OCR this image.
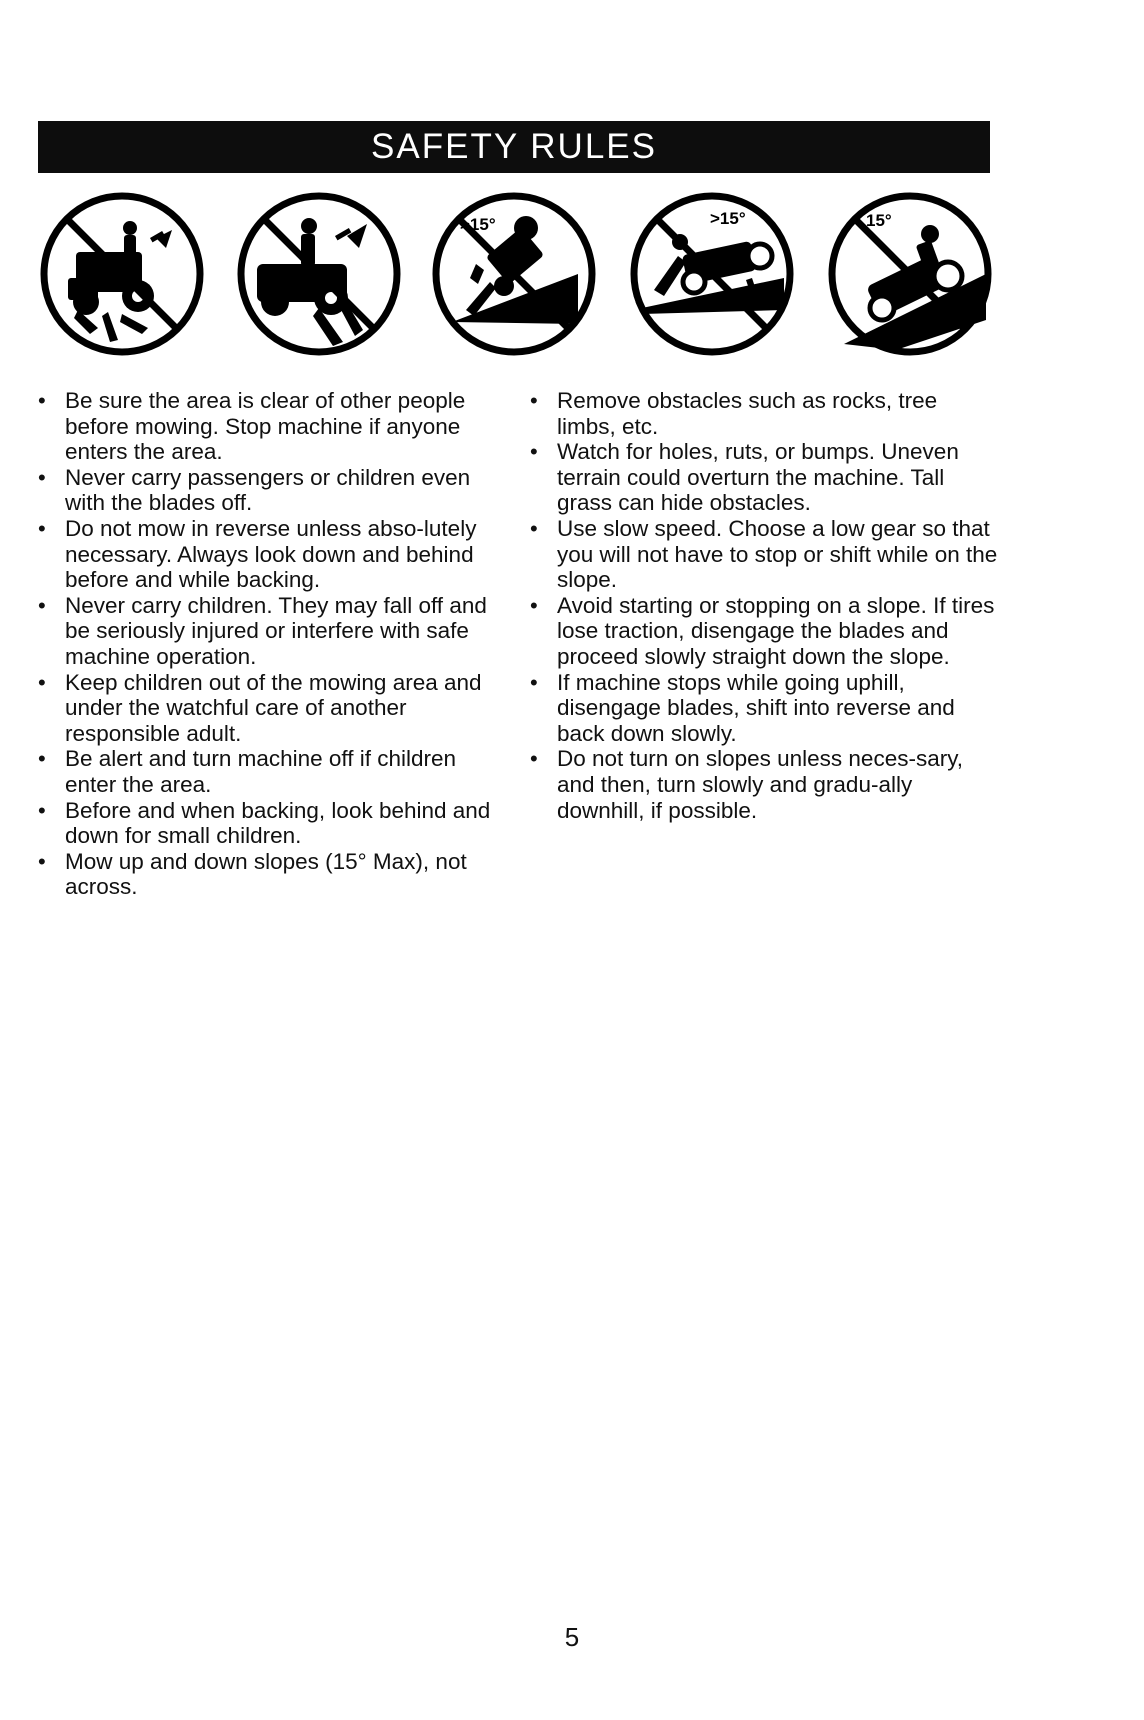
SAFETY RULES
>15°	>15°	15°
• Be sure the area is clear of other people before mowing. Stop machine if anyone enters the area.
• Never carry passengers or children even with the blades off.
• Do not mow in reverse unless abso-lutely necessary. Always look down and behind before and while backing.
• Never carry children. They may fall off and be seriously injured or interfere with safe machine operation.
• Keep children out of the mowing area and under the watchful care of another responsible adult.
• Be alert and turn machine off if children enter the area.
• Before and when backing, look behind and down for small children.
• Mow up and down slopes (15° Max), not across.
• Remove obstacles such as rocks, tree limbs, etc.
• Watch for holes, ruts, or bumps. Uneven terrain could overturn the machine. Tall grass can hide obstacles.
• Use slow speed. Choose a low gear so that you will not have to stop or shift while on the slope.
• Avoid starting or stopping on a slope. If tires lose traction, disengage the blades and proceed slowly straight down the slope.
• If machine stops while going uphill, disengage blades, shift into reverse and back down slowly.
• Do not turn on slopes unless neces-sary, and then, turn slowly and gradu-ally downhill, if possible.
5
